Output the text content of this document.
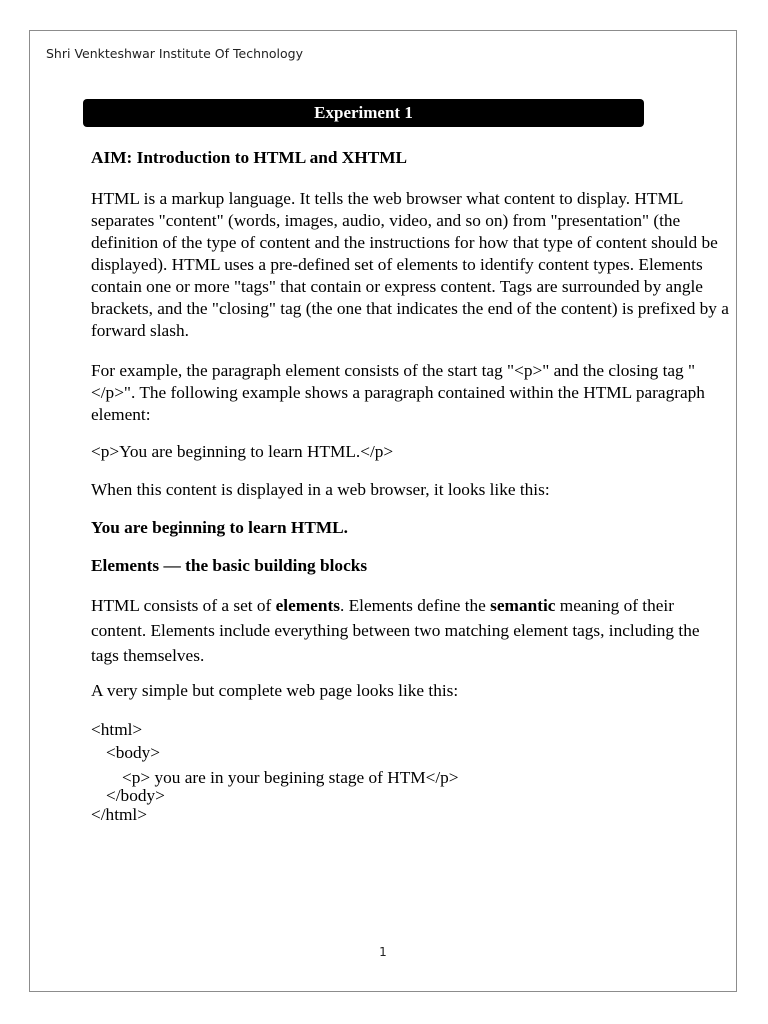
Shri Venkteshwar Institute Of Technology
Experiment 1

AIM: Introduction to HTML and XHTML

HTML is a markup language. It tells the web browser what content to display. HTML separates "content" (words, images, audio, video, and so on) from "presentation" (the definition of the type of content and the instructions for how that type of content should be displayed). HTML uses a pre-defined set of elements to identify content types. Elements contain one or more "tags" that contain or express content. Tags are surrounded by angle brackets, and the "closing" tag (the one that indicates the end of the content) is prefixed by a forward slash.

For example, the paragraph element consists of the start tag "<p>" and the closing tag "</p>". The following example shows a paragraph contained within the HTML paragraph element:

<p>You are beginning to learn HTML.</p>

When this content is displayed in a web browser, it looks like this:

You are beginning to learn HTML.

Elements — the basic building blocks

HTML consists of a set of elements. Elements define the semantic meaning of their content. Elements include everything between two matching element tags, including the tags themselves.

A very simple but complete web page looks like this:

<html>
<body>
<p> you are in your begining stage of HTM</p>
</body>
</html>
1
